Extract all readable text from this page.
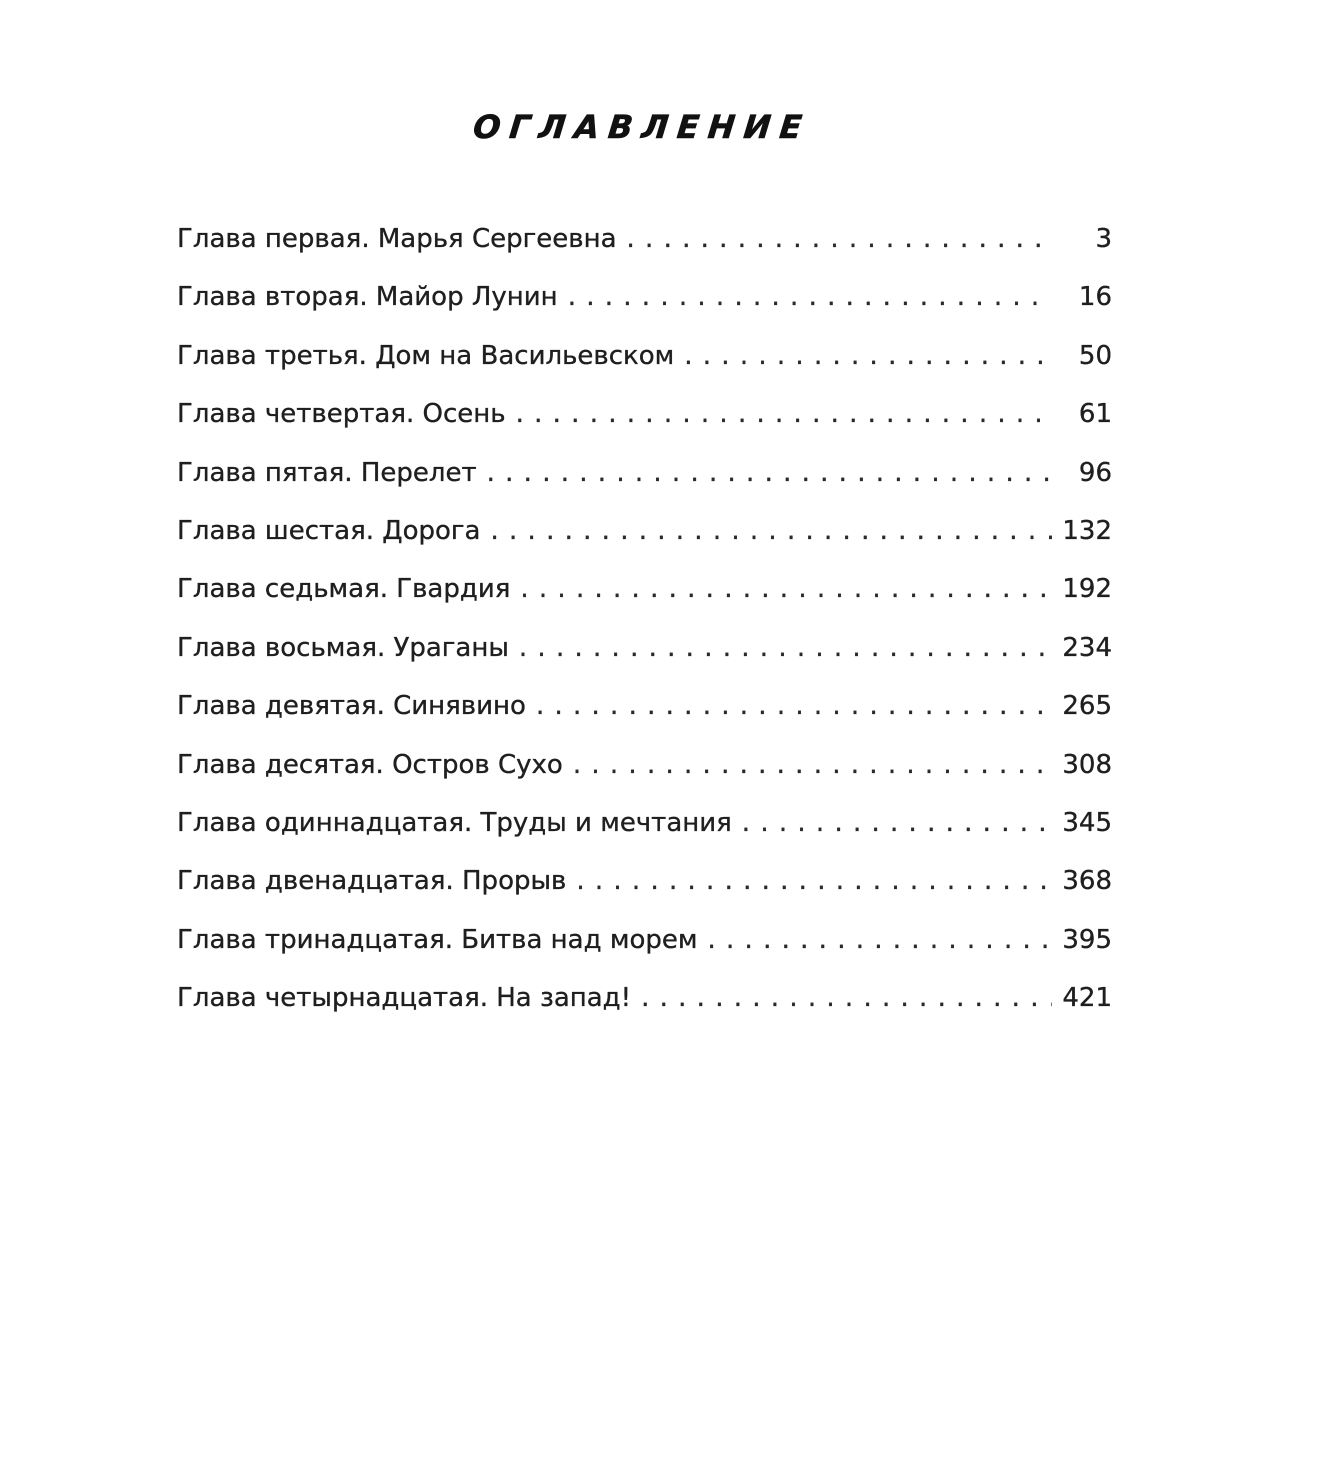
ОГЛАВЛЕНИЕ
Глава первая. Марья Сергеевна . . .	3
Глава вторая. Майор Лунин . . .	16
Глава третья. Дом на Васильевском . . .	50
Глава четвертая. Осень . . .	61
Глава пятая. Перелет . . .	96
Глава шестая. Дорога . . .	132
Глава седьмая. Гвардия . . .	192
Глава восьмая. Ураганы . . .	234
Глава девятая. Синявино . . .	265
Глава десятая. Остров Сухо . . .	308
Глава одиннадцатая. Труды и мечтания . . .	345
Глава двенадцатая. Прорыв . . .	368
Глава тринадцатая. Битва над морем . . .	395
Глава четырнадцатая. На запад! . . .	421
